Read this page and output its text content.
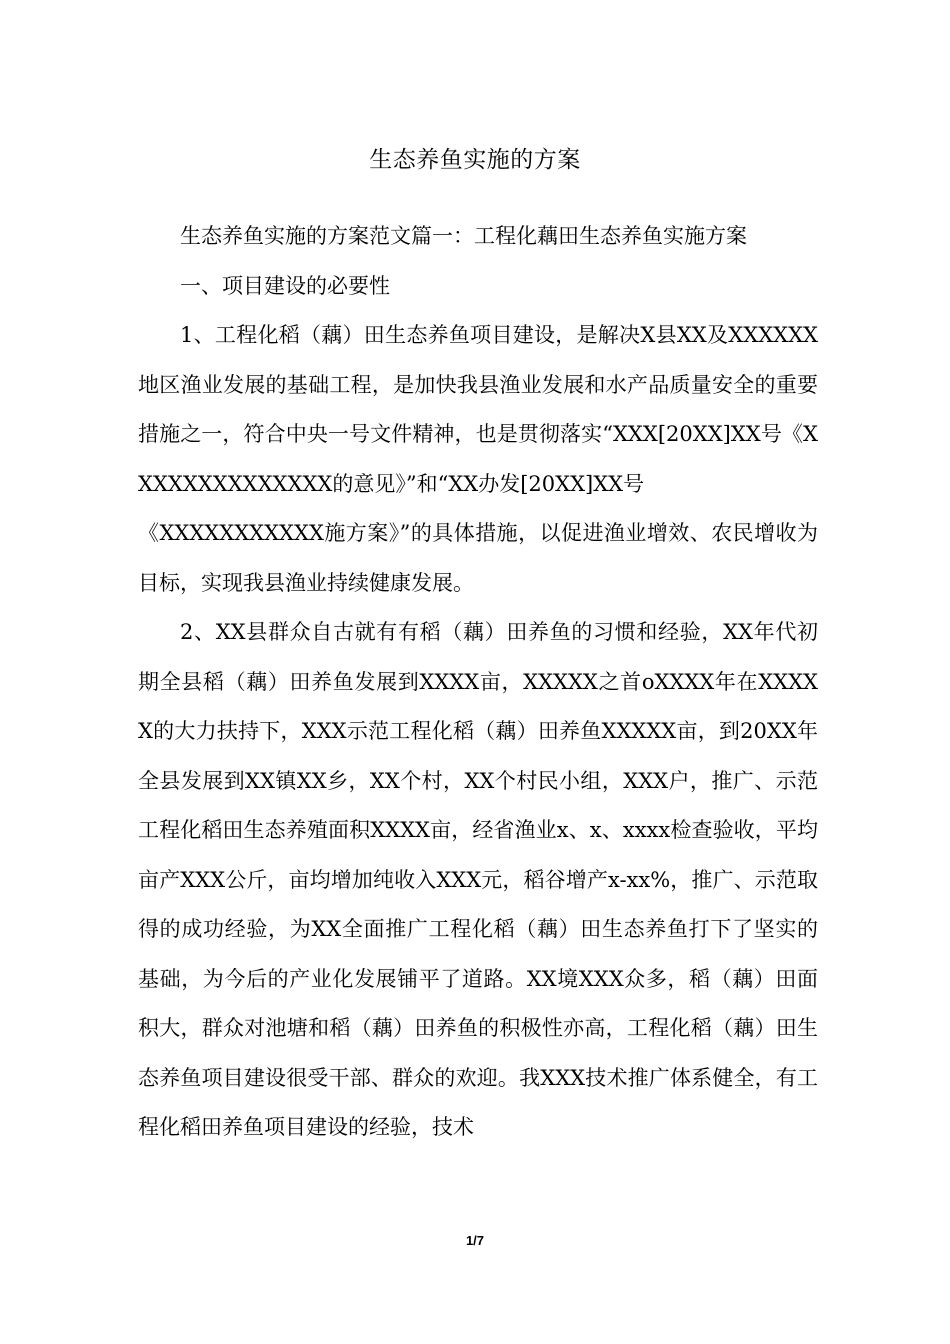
生态养鱼实施的方案

生态养鱼实施的方案范文篇一：工程化藕田生态养鱼实施方案

一、项目建设的必要性

1、工程化稻（藕）田生态养鱼项目建设，是解决X县XX及XXXXXX地区渔业发展的基础工程，是加快我县渔业发展和水产品质量安全的重要措施之一，符合中央一号文件精神，也是贯彻落实“XXX[20XX]XX号《XXXXXXXXXXXXXX的意见》”和“XX办发[20XX]XX号

《XXXXXXXXXXX施方案》”的具体措施，以促进渔业增效、农民增收为目标，实现我县渔业持续健康发展。

2、XX县群众自古就有有稻（藕）田养鱼的习惯和经验，XX年代初期全县稻（藕）田养鱼发展到XXXX亩，XXXXX之首oXXXX年在XXXXX的大力扶持下，XXX示范工程化稻（藕）田养鱼XXXXX亩，到20XX年全县发展到XX镇XX乡，XX个村，XX个村民小组，XXX户，推广、示范工程化稻田生态养殖面积XXXX亩，经省渔业x、x、xxxx检查验收，平均亩产XXX公斤，亩均增加纯收入XXX元，稻谷增产x-xx%，推广、示范取得的成功经验，为XX全面推广工程化稻（藕）田生态养鱼打下了坚实的基础，为今后的产业化发展铺平了道路。XX境XXX众多，稻（藕）田面积大，群众对池塘和稻（藕）田养鱼的积极性亦高，工程化稻（藕）田生态养鱼项目建设很受干部、群众的欢迎。我XXX技术推广体系健全，有工程化稻田养鱼项目建设的经验，技术

1/7
